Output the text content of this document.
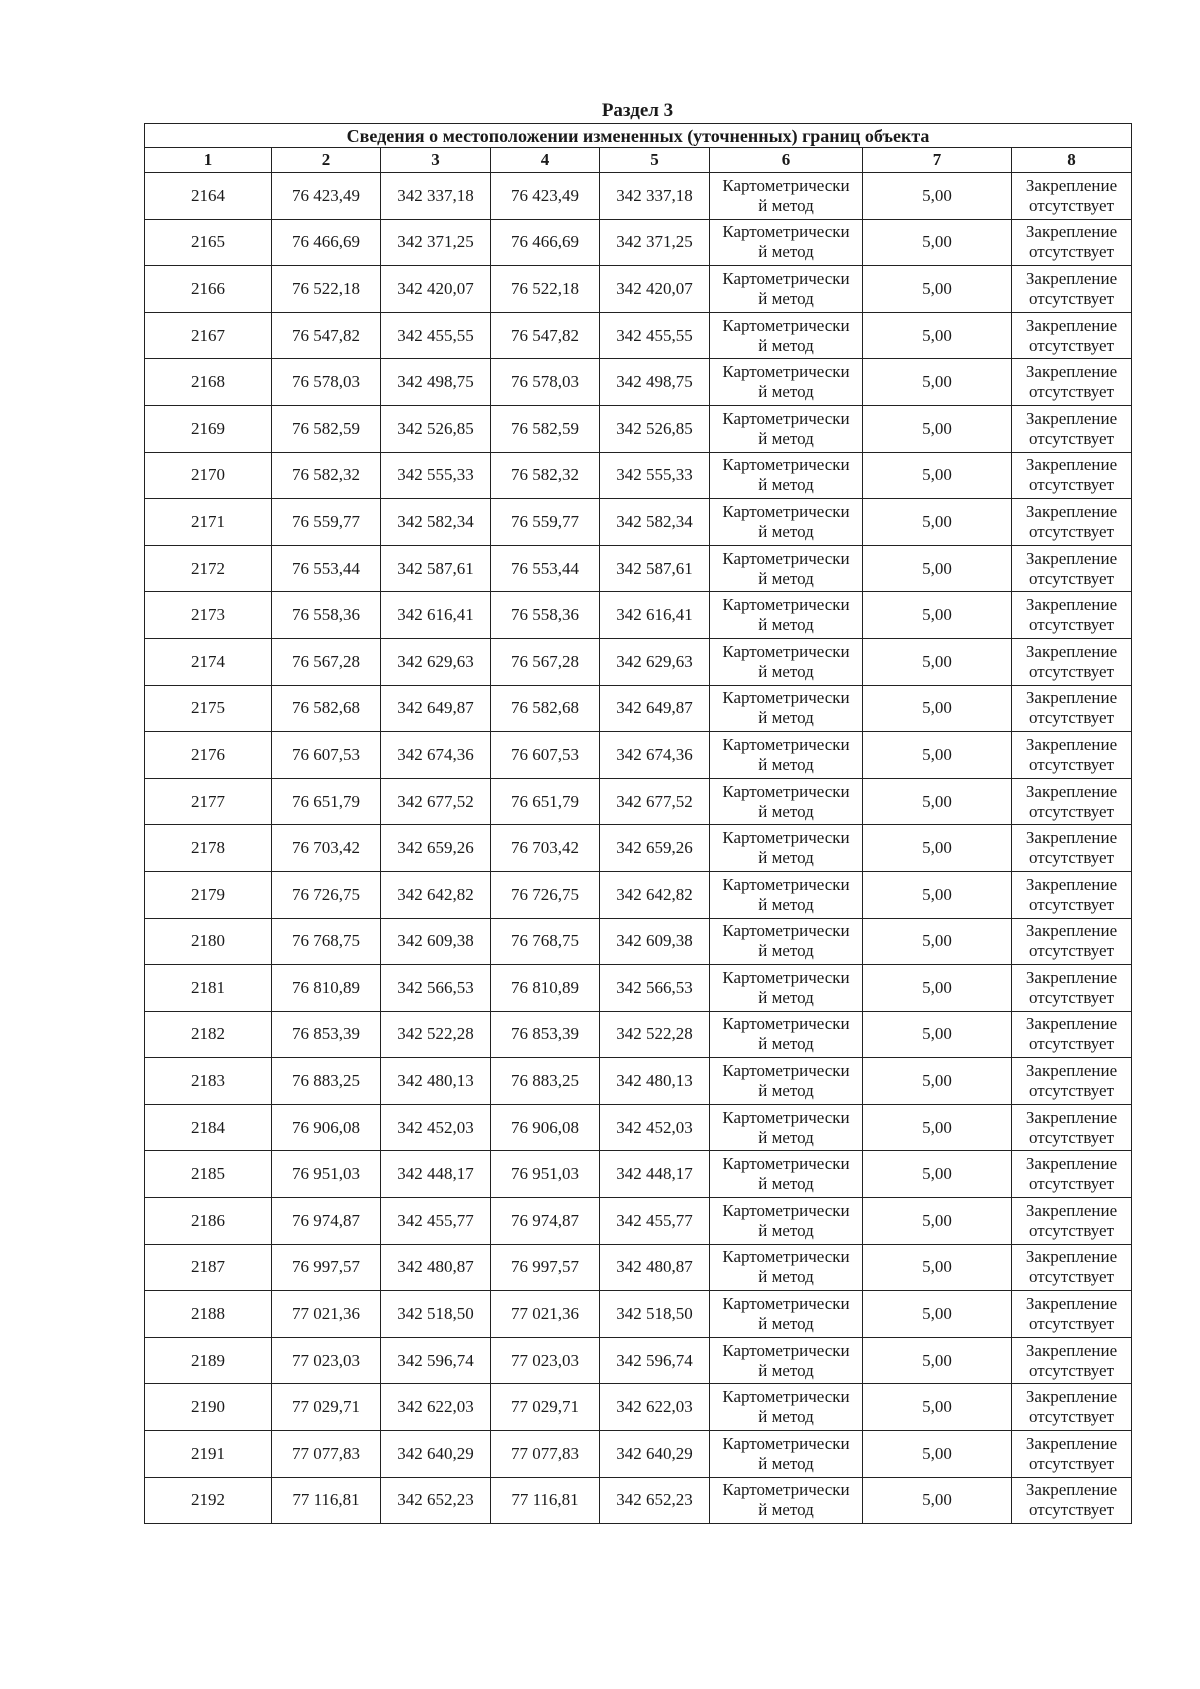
Раздел 3
Сведения о местоположении измененных (уточненных) границ объекта							
1	2	3	4	5	6	7	8
2164	76 423,49	342 337,18	76 423,49	342 337,18	Картометрически
й метод	5,00	Закрепление
отсутствует

2165	76 466,69	342 371,25	76 466,69	342 371,25	Картометрически
й метод	5,00	Закрепление
отсутствует

2166	76 522,18	342 420,07	76 522,18	342 420,07	Картометрически
й метод	5,00	Закрепление
отсутствует

2167	76 547,82	342 455,55	76 547,82	342 455,55	Картометрически
й метод	5,00	Закрепление
отсутствует

2168	76 578,03	342 498,75	76 578,03	342 498,75	Картометрически
й метод	5,00	Закрепление
отсутствует

2169	76 582,59	342 526,85	76 582,59	342 526,85	Картометрически
й метод	5,00	Закрепление
отсутствует

2170	76 582,32	342 555,33	76 582,32	342 555,33	Картометрически
й метод	5,00	Закрепление
отсутствует

2171	76 559,77	342 582,34	76 559,77	342 582,34	Картометрически
й метод	5,00	Закрепление
отсутствует

2172	76 553,44	342 587,61	76 553,44	342 587,61	Картометрически
й метод	5,00	Закрепление
отсутствует

2173	76 558,36	342 616,41	76 558,36	342 616,41	Картометрически
й метод	5,00	Закрепление
отсутствует

2174	76 567,28	342 629,63	76 567,28	342 629,63	Картометрически
й метод	5,00	Закрепление
отсутствует

2175	76 582,68	342 649,87	76 582,68	342 649,87	Картометрически
й метод	5,00	Закрепление
отсутствует

2176	76 607,53	342 674,36	76 607,53	342 674,36	Картометрически
й метод	5,00	Закрепление
отсутствует

2177	76 651,79	342 677,52	76 651,79	342 677,52	Картометрически
й метод	5,00	Закрепление
отсутствует

2178	76 703,42	342 659,26	76 703,42	342 659,26	Картометрически
й метод	5,00	Закрепление
отсутствует

2179	76 726,75	342 642,82	76 726,75	342 642,82	Картометрически
й метод	5,00	Закрепление
отсутствует

2180	76 768,75	342 609,38	76 768,75	342 609,38	Картометрически
й метод	5,00	Закрепление
отсутствует

2181	76 810,89	342 566,53	76 810,89	342 566,53	Картометрически
й метод	5,00	Закрепление
отсутствует

2182	76 853,39	342 522,28	76 853,39	342 522,28	Картометрически
й метод	5,00	Закрепление
отсутствует

2183	76 883,25	342 480,13	76 883,25	342 480,13	Картометрически
й метод	5,00	Закрепление
отсутствует

2184	76 906,08	342 452,03	76 906,08	342 452,03	Картометрически
й метод	5,00	Закрепление
отсутствует

2185	76 951,03	342 448,17	76 951,03	342 448,17	Картометрически
й метод	5,00	Закрепление
отсутствует

2186	76 974,87	342 455,77	76 974,87	342 455,77	Картометрически
й метод	5,00	Закрепление
отсутствует

2187	76 997,57	342 480,87	76 997,57	342 480,87	Картометрически
й метод	5,00	Закрепление
отсутствует

2188	77 021,36	342 518,50	77 021,36	342 518,50	Картометрически
й метод	5,00	Закрепление
отсутствует

2189	77 023,03	342 596,74	77 023,03	342 596,74	Картометрически
й метод	5,00	Закрепление
отсутствует

2190	77 029,71	342 622,03	77 029,71	342 622,03	Картометрически
й метод	5,00	Закрепление
отсутствует

2191	77 077,83	342 640,29	77 077,83	342 640,29	Картометрически
й метод	5,00	Закрепление
отсутствует

2192	77 116,81	342 652,23	77 116,81	342 652,23	Картометрически
й метод	5,00	Закрепление
отсутствует
